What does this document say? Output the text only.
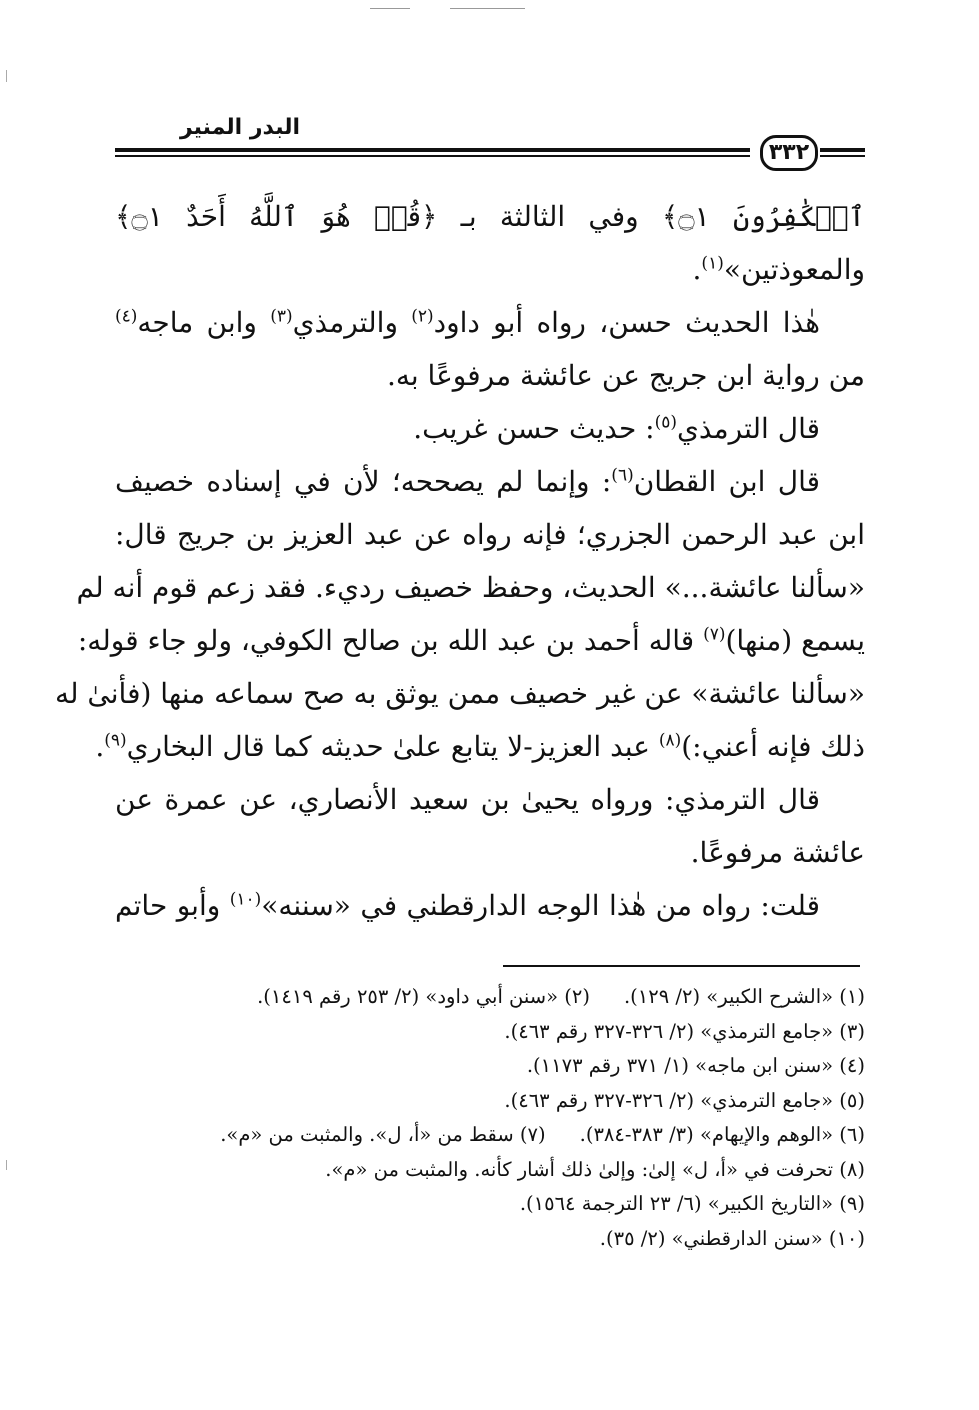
البدر المنير
٣٣٢
ٱلۡكَٰفِرُونَ ۝١﴾ وفي الثالثة بـ ﴿قُلۡ هُوَ ٱللَّهُ أَحَدٌ ۝١﴾
والمعوذتين»$^{(١)}$.
هٰذا الحديث حسن، رواه أبو داود$^{(٢)}$ والترمذي$^{(٣)}$ وابن ماجه$^{(٤)}$
من رواية ابن جريج عن عائشة مرفوعًا به.
قال الترمذي$^{(٥)}$: حديث حسن غريب.
قال ابن القطان$^{(٦)}$: وإنما لم يصححه؛ لأن في إسناده خصيف
ابن عبد الرحمن الجزري؛ فإنه رواه عن عبد العزيز بن جريج قال:
«سألنا عائشة...» الحديث، وحفظ خصيف رديء. فقد زعم قوم أنه لم
يسمع (منها)$^{(٧)}$ قاله أحمد بن عبد الله بن صالح الكوفي، ولو جاء قوله:
«سألنا عائشة» عن غير خصيف ممن يوثق به صح سماعه منها (فأنىٰ له
ذلك فإنه أعني:)$^{(٨)}$ عبد العزيز-لا يتابع علىٰ حديثه كما قال البخاري$^{(٩)}$.
قال الترمذي: ورواه يحيىٰ بن سعيد الأنصاري، عن عمرة عن
عائشة مرفوعًا.
قلت: رواه من هٰذا الوجه الدارقطني في «سننه»$^{(١٠)}$ وأبو حاتم
(١) «الشرح الكبير» (٢/ ١٢٩).(٢) «سنن أبي داود» (٢/ ٢٥٣ رقم ١٤١٩).
(٣) «جامع الترمذي» (٢/ ٣٢٦-٣٢٧ رقم ٤٦٣).
(٤) «سنن ابن ماجه» (١/ ٣٧١ رقم ١١٧٣).
(٥) «جامع الترمذي» (٢/ ٣٢٦-٣٢٧ رقم ٤٦٣).
(٦) «الوهم والإيهام» (٣/ ٣٨٣-٣٨٤).(٧) سقط من «أ، ل». والمثبت من «م».
(٨) تحرفت في «أ، ل» إلىٰ: وإلىٰ ذلك أشار كأنه. والمثبت من «م».
(٩) «التاريخ الكبير» (٦/ ٢٣ الترجمة ١٥٦٤).
(١٠) «سنن الدارقطني» (٢/ ٣٥).
